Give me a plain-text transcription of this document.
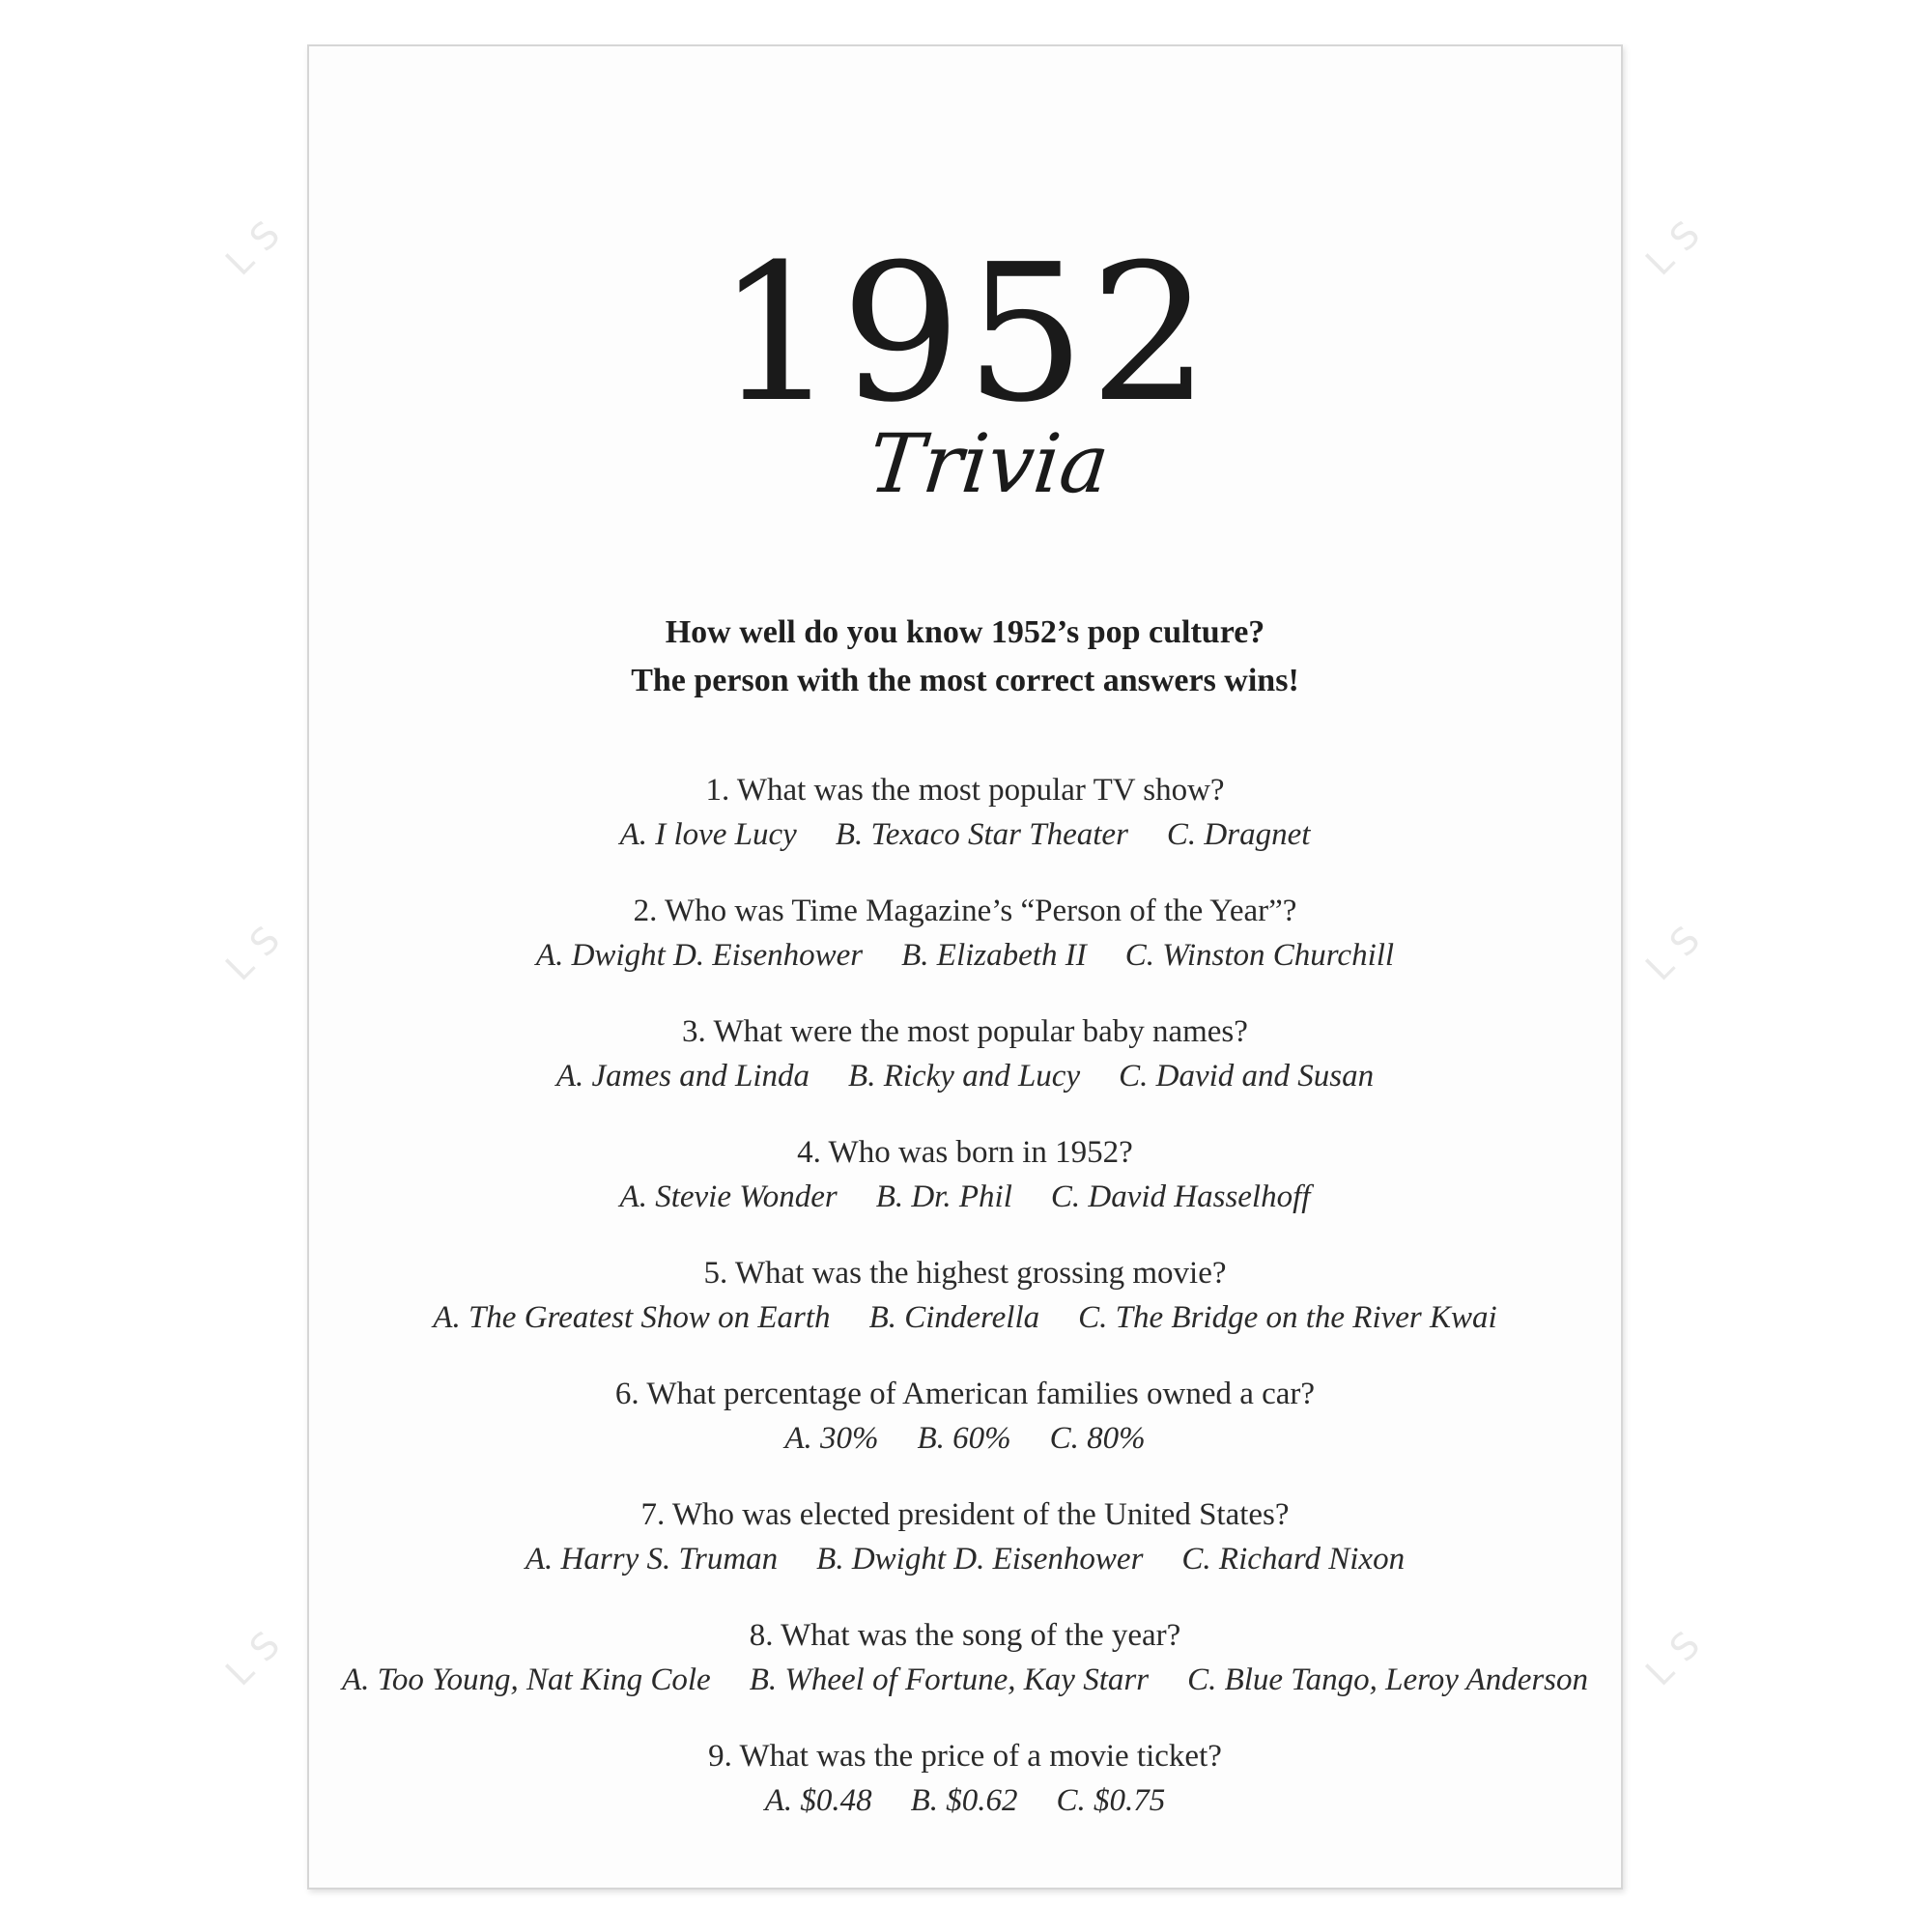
LS	LS
LS	LS
LS	LS
1952
Trivia
How well do you know 1952’s pop culture?
The person with the most correct answers wins!
1. What was the most popular TV show?
A. I love Lucy B. Texaco Star Theater C. Dragnet
2. Who was Time Magazine’s “Person of the Year”?
A. Dwight D. Eisenhower B. Elizabeth II C. Winston Churchill
3. What were the most popular baby names?
A. James and Linda B. Ricky and Lucy C. David and Susan
4. Who was born in 1952?
A. Stevie Wonder B. Dr. Phil C. David Hasselhoff
5. What was the highest grossing movie?
A. The Greatest Show on Earth B. Cinderella C. The Bridge on the River Kwai
6. What percentage of American families owned a car?
A. 30% B. 60% C. 80%
7. Who was elected president of the United States?
A. Harry S. Truman B. Dwight D. Eisenhower C. Richard Nixon
8. What was the song of the year?
A. Too Young, Nat King Cole B. Wheel of Fortune, Kay Starr C. Blue Tango, Leroy Anderson
9. What was the price of a movie ticket?
A. $0.48 B. $0.62 C. $0.75
